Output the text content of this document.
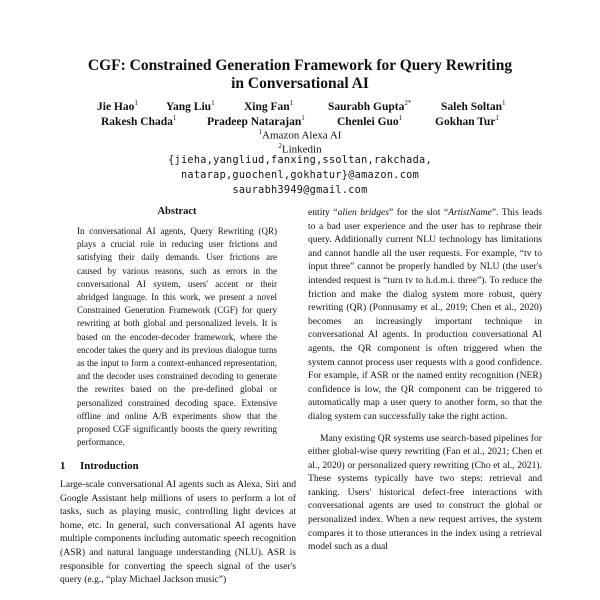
CGF: Constrained Generation Framework for Query Rewriting
in Conversational AI
Jie Hao$^1$ Yang Liu$^1$	Xing Fan$^1$	Saurabh Gupta$^{2*}$	Saleh Soltan$^1$
Rakesh Chada$^1$	Pradeep Natarajan$^1$	Chenlei Guo$^1$	Gokhan Tur$^1$
$^1$Amazon Alexa AI
$^2$Linkedin
{jieha,yangliud,fanxing,ssoltan,rakchada,
natarap,guochenl,gokhatur}@amazon.com
saurabh3949@gmail.com
Abstract
In conversational AI agents, Query Rewriting (QR) plays a crucial role in reducing user frictions and satisfying their daily demands. User frictions are caused by various reasons, such as errors in the conversational AI system, users' accent or their abridged language. In this work, we present a novel Constrained Generation Framework (CGF) for query rewriting at both global and personalized levels. It is based on the encoder-decoder framework, where the encoder takes the query and its previous dialogue turns as the input to form a context-enhanced representation, and the decoder uses constrained decoding to generate the rewrites based on the pre-defined global or personalized constrained decoding space. Extensive offline and online A/B experiments show that the proposed CGF significantly boosts the query rewriting performance.
1 Introduction
Large-scale conversational AI agents such as Alexa, Siri and Google Assistant help millions of users to perform a lot of tasks, such as playing music, controlling light devices at home, etc. In general, such conversational AI agents have multiple components including automatic speech recognition (ASR) and natural language understanding (NLU). ASR is responsible for converting the speech signal of the user's query (e.g., “play Michael Jackson music”)

entity “alien bridges” for the slot “ArtistName”. This leads to a bad user experience and the user has to rephrase their query. Additionally current NLU technology has limitations and cannot handle all the user requests. For example, “tv to input three” cannot be properly handled by NLU (the user's intended request is “turn tv to h.d.m.i. three”). To reduce the friction and make the dialog system more robust, query rewriting (QR) (Ponnusamy et al., 2019; Chen et al., 2020) becomes an increasingly important technique in conversational AI agents. In production conversational AI agents, the QR component is often triggered when the system cannot process user requests with a good confidence. For example, if ASR or the named entity recognition (NER) confidence is low, the QR component can be triggered to automatically map a user query to another form, so that the dialog system can successfully take the right action.

Many existing QR systems use search-based pipelines for either global-wise query rewriting (Fan et al., 2021; Chen et al., 2020) or personalized query rewriting (Cho et al., 2021). These systems typically have two steps: retrieval and ranking. Users' historical defect-free interactions with conversational agents are used to construct the global or personalized index. When a new request arrives, the system compares it to those utterances in the index using a retrieval model such as a dual
